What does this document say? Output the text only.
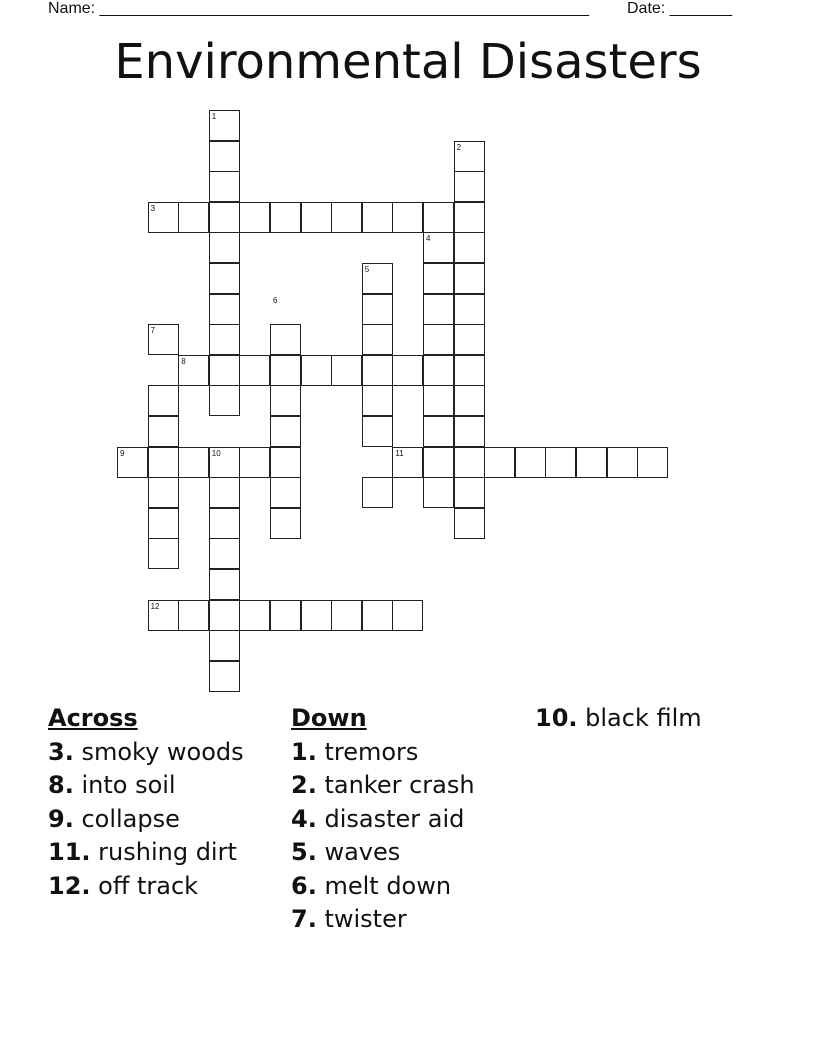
Name: _______________________________________________________ Date: _______
Environmental Disasters
1
2
3
4
5
6
7
8
9	10	11
12
Across
3. smoky woods
8. into soil
9. collapse
11. rushing dirt
12. off track
Down
1. tremors
2. tanker crash
4. disaster aid
5. waves
6. melt down
7. twister
10. black film
